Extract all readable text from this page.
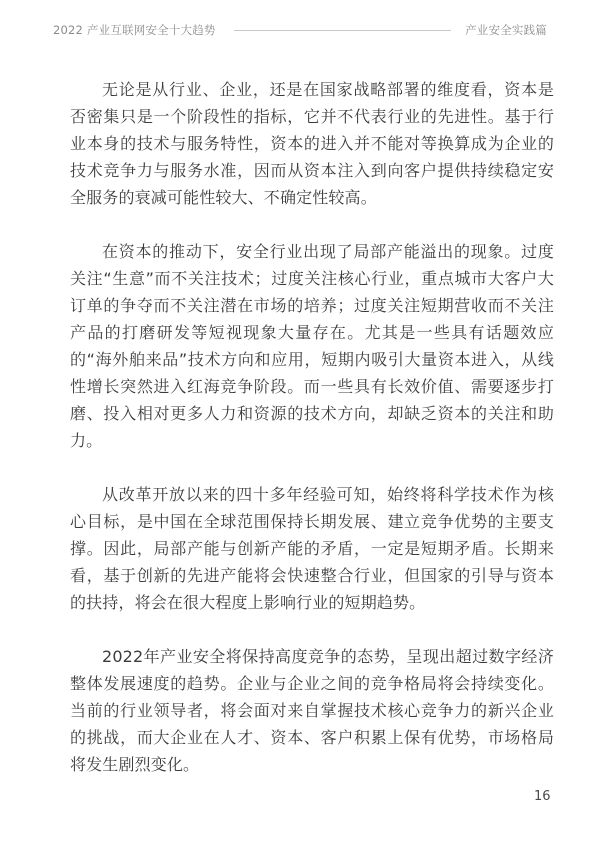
2022 产业互联网安全十大趋势	产业安全实践篇

无论是从行业、企业，还是在国家战略部署的维度看，资本是否密集只是一个阶段性的指标，它并不代表行业的先进性。基于行业本身的技术与服务特性，资本的进入并不能对等换算成为企业的技术竞争力与服务水准，因而从资本注入到向客户提供持续稳定安全服务的衰减可能性较大、不确定性较高。

在资本的推动下，安全行业出现了局部产能溢出的现象。过度关注“生意”而不关注技术；过度关注核心行业，重点城市大客户大订单的争夺而不关注潜在市场的培养；过度关注短期营收而不关注产品的打磨研发等短视现象大量存在。尤其是一些具有话题效应的“海外舶来品”技术方向和应用，短期内吸引大量资本进入，从线性增长突然进入红海竞争阶段。而一些具有长效价值、需要逐步打磨、投入相对更多人力和资源的技术方向，却缺乏资本的关注和助力。

从改革开放以来的四十多年经验可知，始终将科学技术作为核心目标，是中国在全球范围保持长期发展、建立竞争优势的主要支撑。因此，局部产能与创新产能的矛盾，一定是短期矛盾。长期来看，基于创新的先进产能将会快速整合行业，但国家的引导与资本的扶持，将会在很大程度上影响行业的短期趋势。

2022年产业安全将保持高度竞争的态势，呈现出超过数字经济整体发展速度的趋势。企业与企业之间的竞争格局将会持续变化。当前的行业领导者，将会面对来自掌握技术核心竞争力的新兴企业的挑战，而大企业在人才、资本、客户积累上保有优势，市场格局将发生剧烈变化。

16
